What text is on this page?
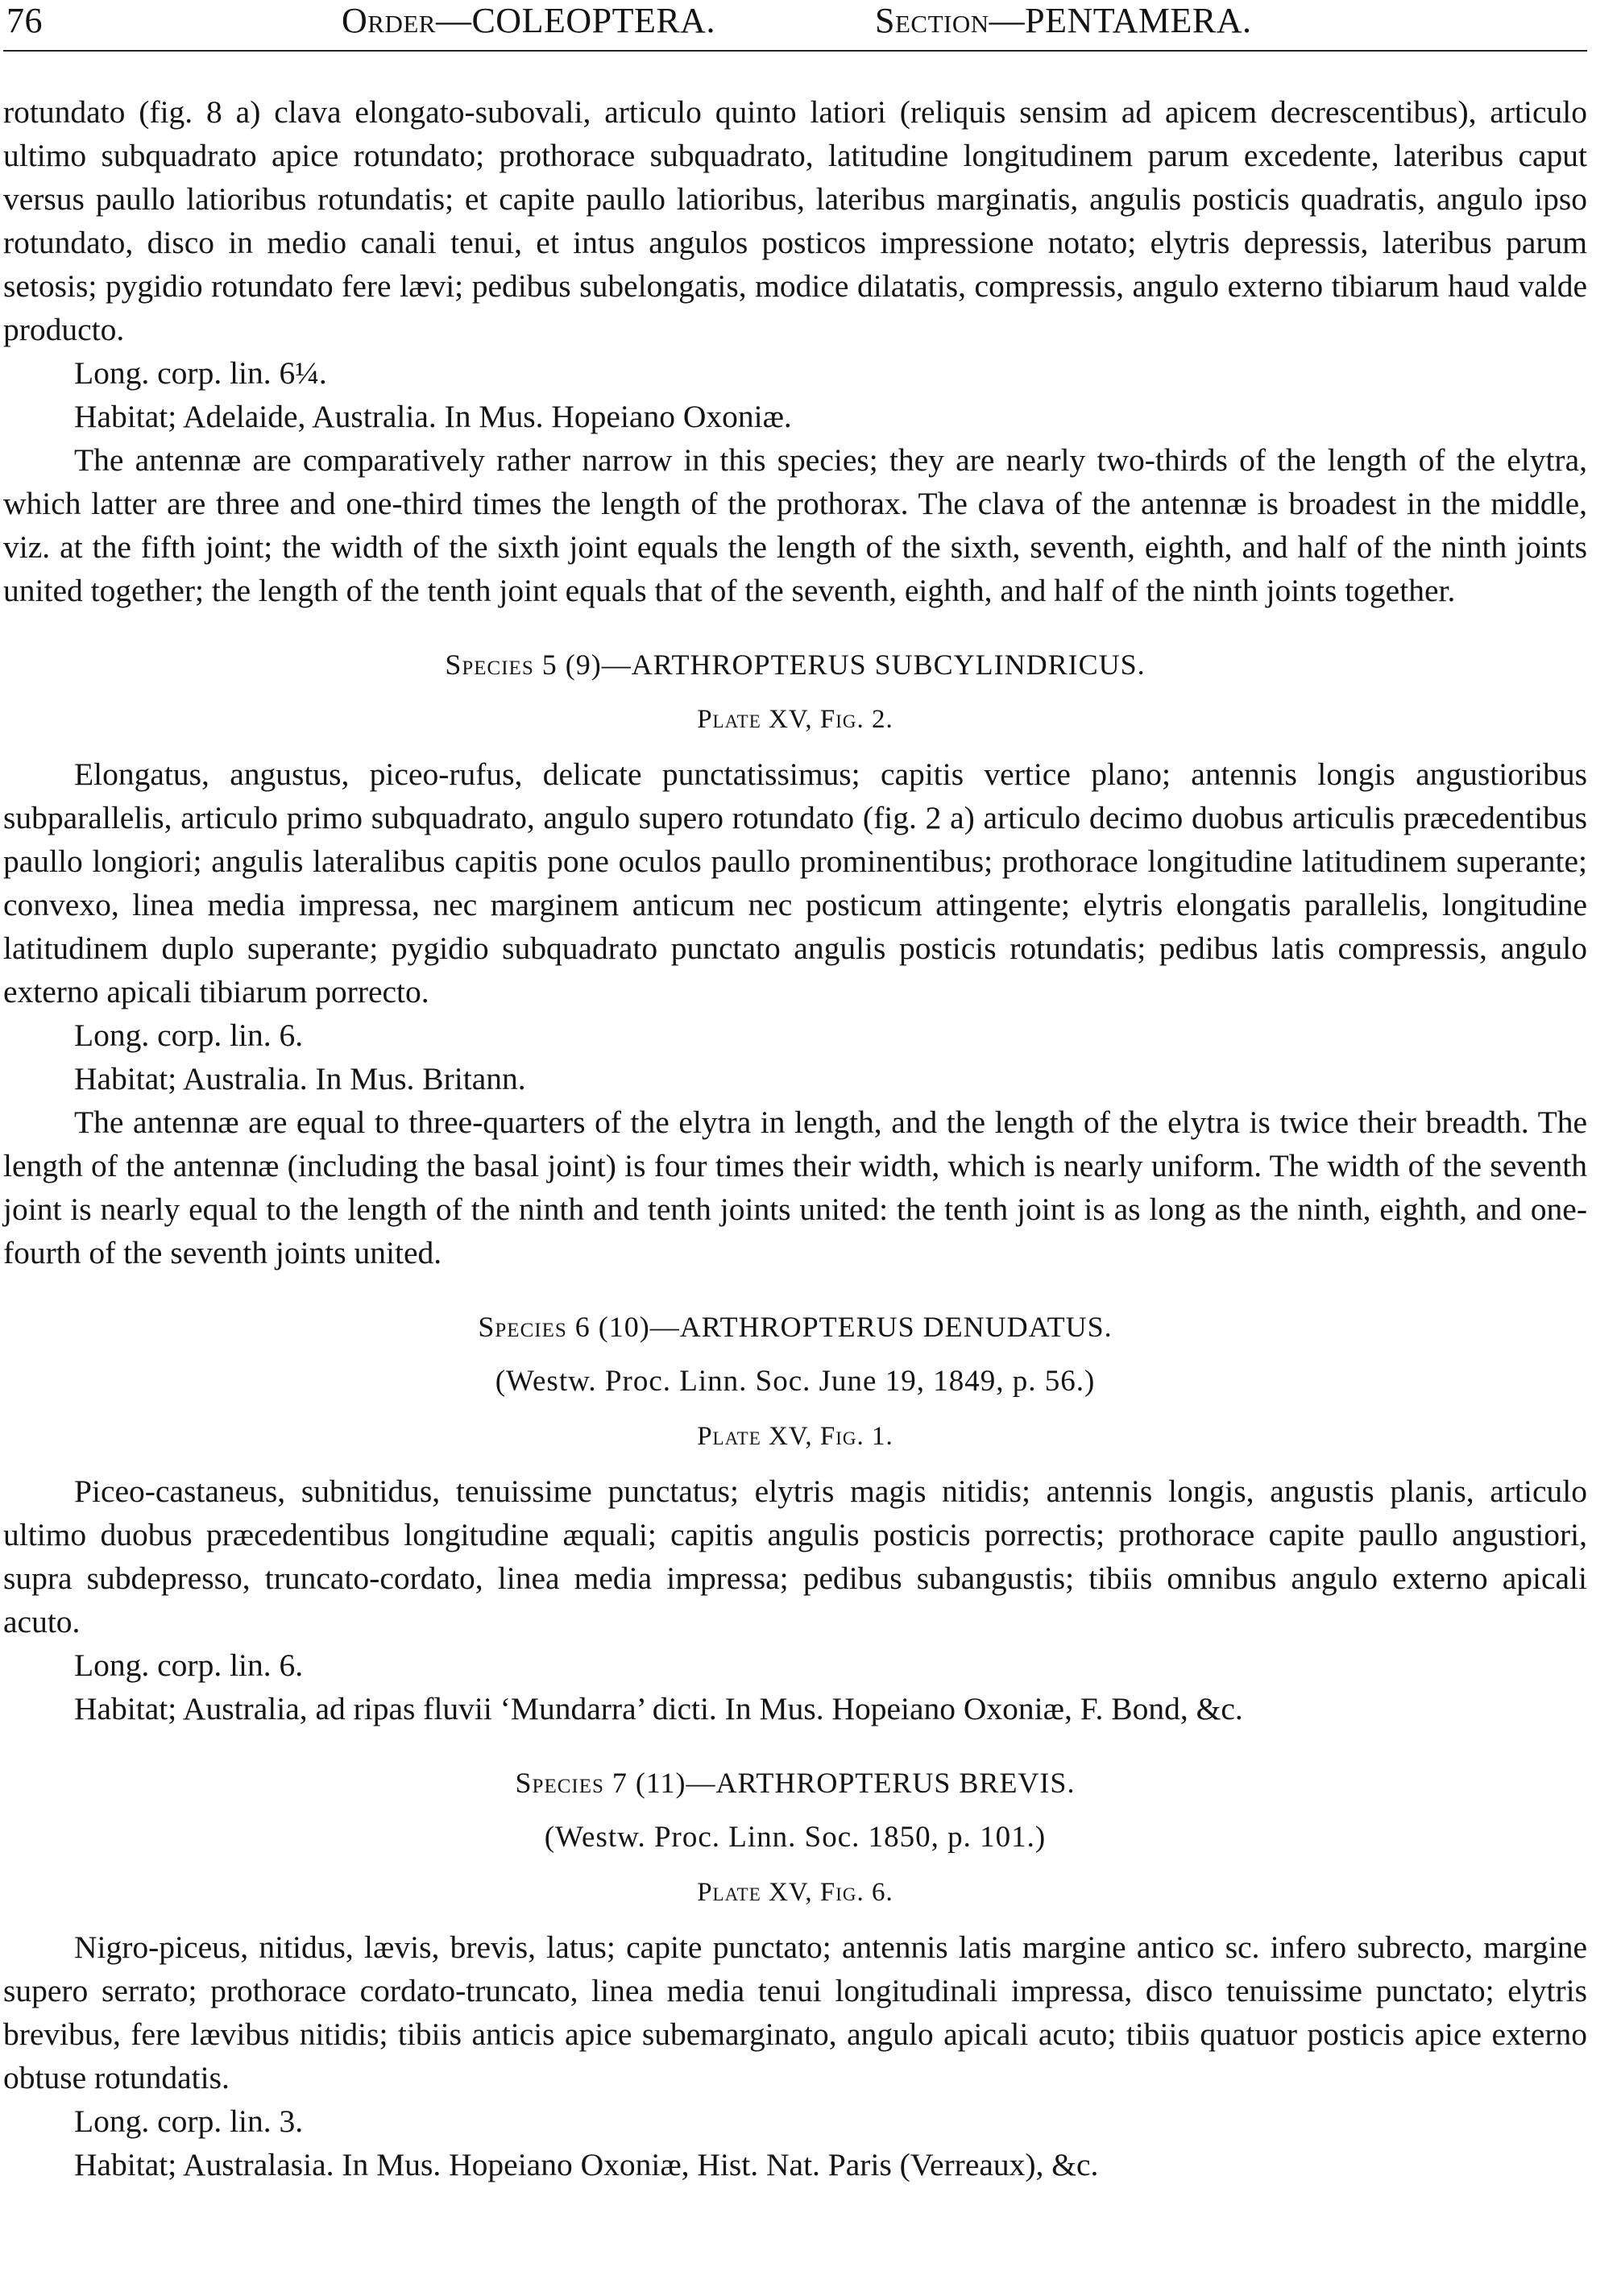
76	Order—COLEOPTERA.	Section—PENTAMERA.

rotundato (fig. 8 a) clava elongato-subovali, articulo quinto latiori (reliquis sensim ad apicem decrescentibus), articulo ultimo subquadrato apice rotundato; prothorace subquadrato, latitudine longitudinem parum excedente, lateribus caput versus paullo latioribus rotundatis; et capite paullo latioribus, lateribus marginatis, angulis posticis quadratis, angulo ipso rotundato, disco in medio canali tenui, et intus angulos posticos impressione notato; elytris depressis, lateribus parum setosis; pygidio rotundato fere lævi; pedibus subelongatis, modice dilatatis, compressis, angulo externo tibiarum haud valde producto.

Long. corp. lin. 6¼.

Habitat; Adelaide, Australia. In Mus. Hopeiano Oxoniæ.

The antennæ are comparatively rather narrow in this species; they are nearly two-thirds of the length of the elytra, which latter are three and one-third times the length of the prothorax. The clava of the antennæ is broadest in the middle, viz. at the fifth joint; the width of the sixth joint equals the length of the sixth, seventh, eighth, and half of the ninth joints united together; the length of the tenth joint equals that of the seventh, eighth, and half of the ninth joints together.

Species 5 (9)—ARTHROPTERUS SUBCYLINDRICUS.
Plate XV, Fig. 2.

Elongatus, angustus, piceo-rufus, delicate punctatissimus; capitis vertice plano; antennis longis angustioribus subparallelis, articulo primo subquadrato, angulo supero rotundato (fig. 2 a) articulo decimo duobus articulis præcedentibus paullo longiori; angulis lateralibus capitis pone oculos paullo prominentibus; prothorace longitudine latitudinem superante; convexo, linea media impressa, nec marginem anticum nec posticum attingente; elytris elongatis parallelis, longitudine latitudinem duplo superante; pygidio subquadrato punctato angulis posticis rotundatis; pedibus latis compressis, angulo externo apicali tibiarum porrecto.

Long. corp. lin. 6.

Habitat; Australia. In Mus. Britann.

The antennæ are equal to three-quarters of the elytra in length, and the length of the elytra is twice their breadth. The length of the antennæ (including the basal joint) is four times their width, which is nearly uniform. The width of the seventh joint is nearly equal to the length of the ninth and tenth joints united: the tenth joint is as long as the ninth, eighth, and one-fourth of the seventh joints united.

Species 6 (10)—ARTHROPTERUS DENUDATUS.
(Westw. Proc. Linn. Soc. June 19, 1849, p. 56.)
Plate XV, Fig. 1.

Piceo-castaneus, subnitidus, tenuissime punctatus; elytris magis nitidis; antennis longis, angustis planis, articulo ultimo duobus præcedentibus longitudine æquali; capitis angulis posticis porrectis; prothorace capite paullo angustiori, supra subdepresso, truncato-cordato, linea media impressa; pedibus subangustis; tibiis omnibus angulo externo apicali acuto.

Long. corp. lin. 6.

Habitat; Australia, ad ripas fluvii ‘Mundarra’ dicti. In Mus. Hopeiano Oxoniæ, F. Bond, &c.

Species 7 (11)—ARTHROPTERUS BREVIS.
(Westw. Proc. Linn. Soc. 1850, p. 101.)
Plate XV, Fig. 6.

Nigro-piceus, nitidus, lævis, brevis, latus; capite punctato; antennis latis margine antico sc. infero subrecto, margine supero serrato; prothorace cordato-truncato, linea media tenui longitudinali impressa, disco tenuissime punctato; elytris brevibus, fere lævibus nitidis; tibiis anticis apice subemarginato, angulo apicali acuto; tibiis quatuor posticis apice externo obtuse rotundatis.

Long. corp. lin. 3.

Habitat; Australasia. In Mus. Hopeiano Oxoniæ, Hist. Nat. Paris (Verreaux), &c.
